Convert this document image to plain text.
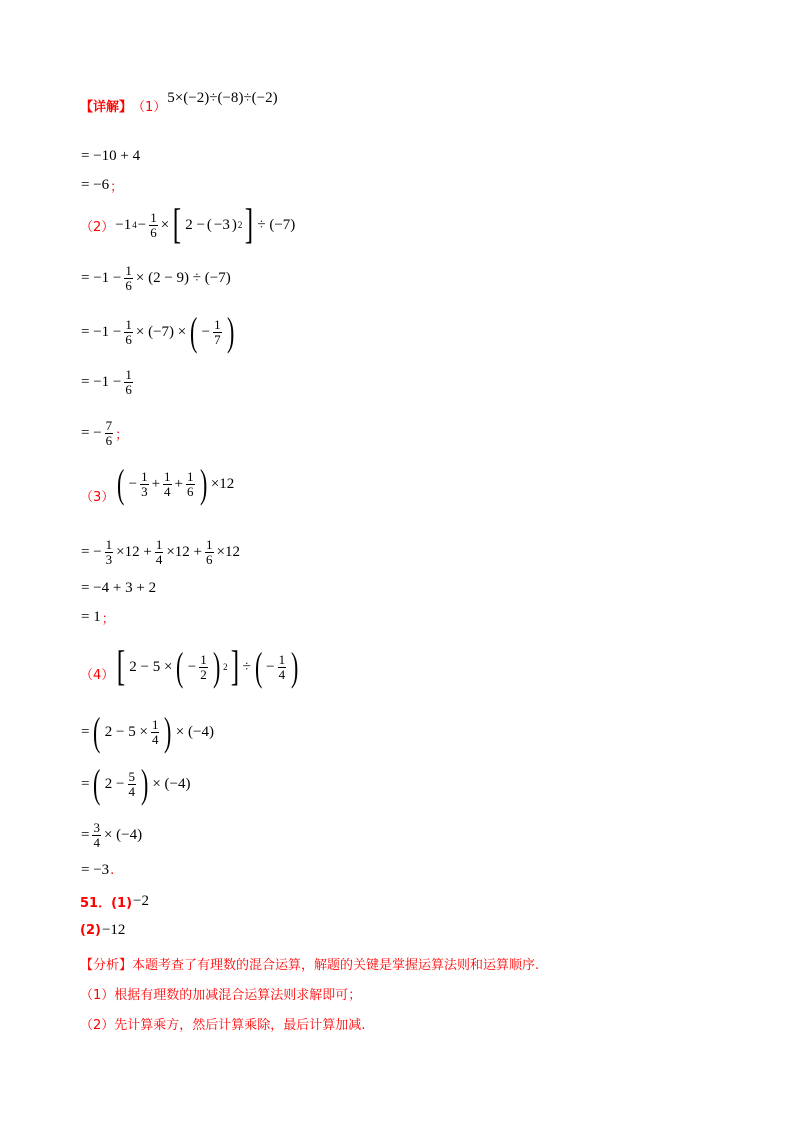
【详解】 （1）
5×(−2)÷(−8)÷(−2)
= −10 + 4
= −6 ；
（2） −1 $4 - \frac{1}{6}$ × [ 2 − ( −3 ) 2 ] ÷ (−7)
= $-1 - \frac{1}{6} \times (2 - 9) \div (-7)$
= $-1 - \frac{1}{6} \times (-7)$ × ( − $\frac{1}{7}$ )
= $-1 - \frac{1}{6}$
= − $\frac{7}{6}$ ；
（3） ( − $\frac{1}{3} + \frac{1}{4} + \frac{1}{6}$ ) ×12
= − $\frac{1}{3} \times 12 + \frac{1}{4} \times 12 + \frac{1}{6} \times 12$
= −4 + 3 + 2
= 1 ；
（4） [ 2 − 5 × ( − $\frac{1}{2}$ ) 2 ] ÷ ( − $\frac{1}{4}$ )
= ( $2 - 5 \times \frac{1}{4}$ ) × (−4)
= ( $2 - \frac{5}{4}$ ) × (−4)
= $\frac{3}{4} \times (-4)$
= −3 .
51．(1) −2
(2) −12
【分析】本题考查了有理数的混合运算，解题的关键是掌握运算法则和运算顺序.
（1）根据有理数的加减混合运算法则求解即可；
（2）先计算乘方，然后计算乘除，最后计算加减.
